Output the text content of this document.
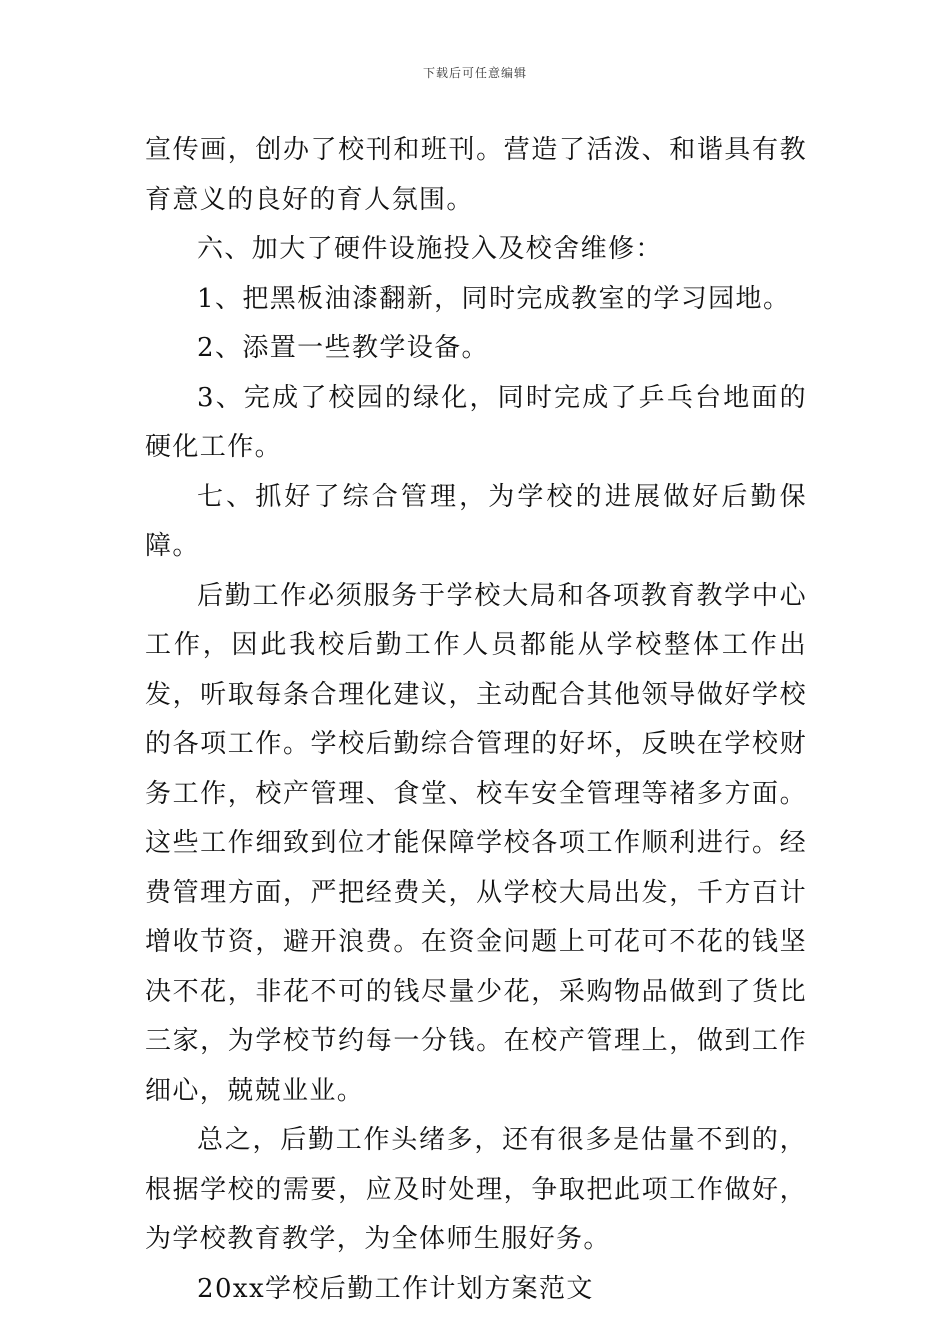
下载后可任意编辑

宣传画，创办了校刊和班刊。营造了活泼、和谐具有教育意义的良好的育人氛围。

六、加大了硬件设施投入及校舍维修：

1、把黑板油漆翻新，同时完成教室的学习园地。

2、添置一些教学设备。

3、完成了校园的绿化，同时完成了乒乓台地面的硬化工作。

七、抓好了综合管理，为学校的进展做好后勤保障。

后勤工作必须服务于学校大局和各项教育教学中心工作，因此我校后勤工作人员都能从学校整体工作出发，听取每条合理化建议，主动配合其他领导做好学校的各项工作。学校后勤综合管理的好坏，反映在学校财务工作，校产管理、食堂、校车安全管理等褚多方面。这些工作细致到位才能保障学校各项工作顺利进行。经费管理方面，严把经费关，从学校大局出发，千方百计增收节资，避开浪费。在资金问题上可花可不花的钱坚决不花，非花不可的钱尽量少花，采购物品做到了货比三家，为学校节约每一分钱。在校产管理上，做到工作细心，兢兢业业。

总之，后勤工作头绪多，还有很多是估量不到的，根据学校的需要，应及时处理，争取把此项工作做好，为学校教育教学，为全体师生服好务。

20xx学校后勤工作计划方案范文
